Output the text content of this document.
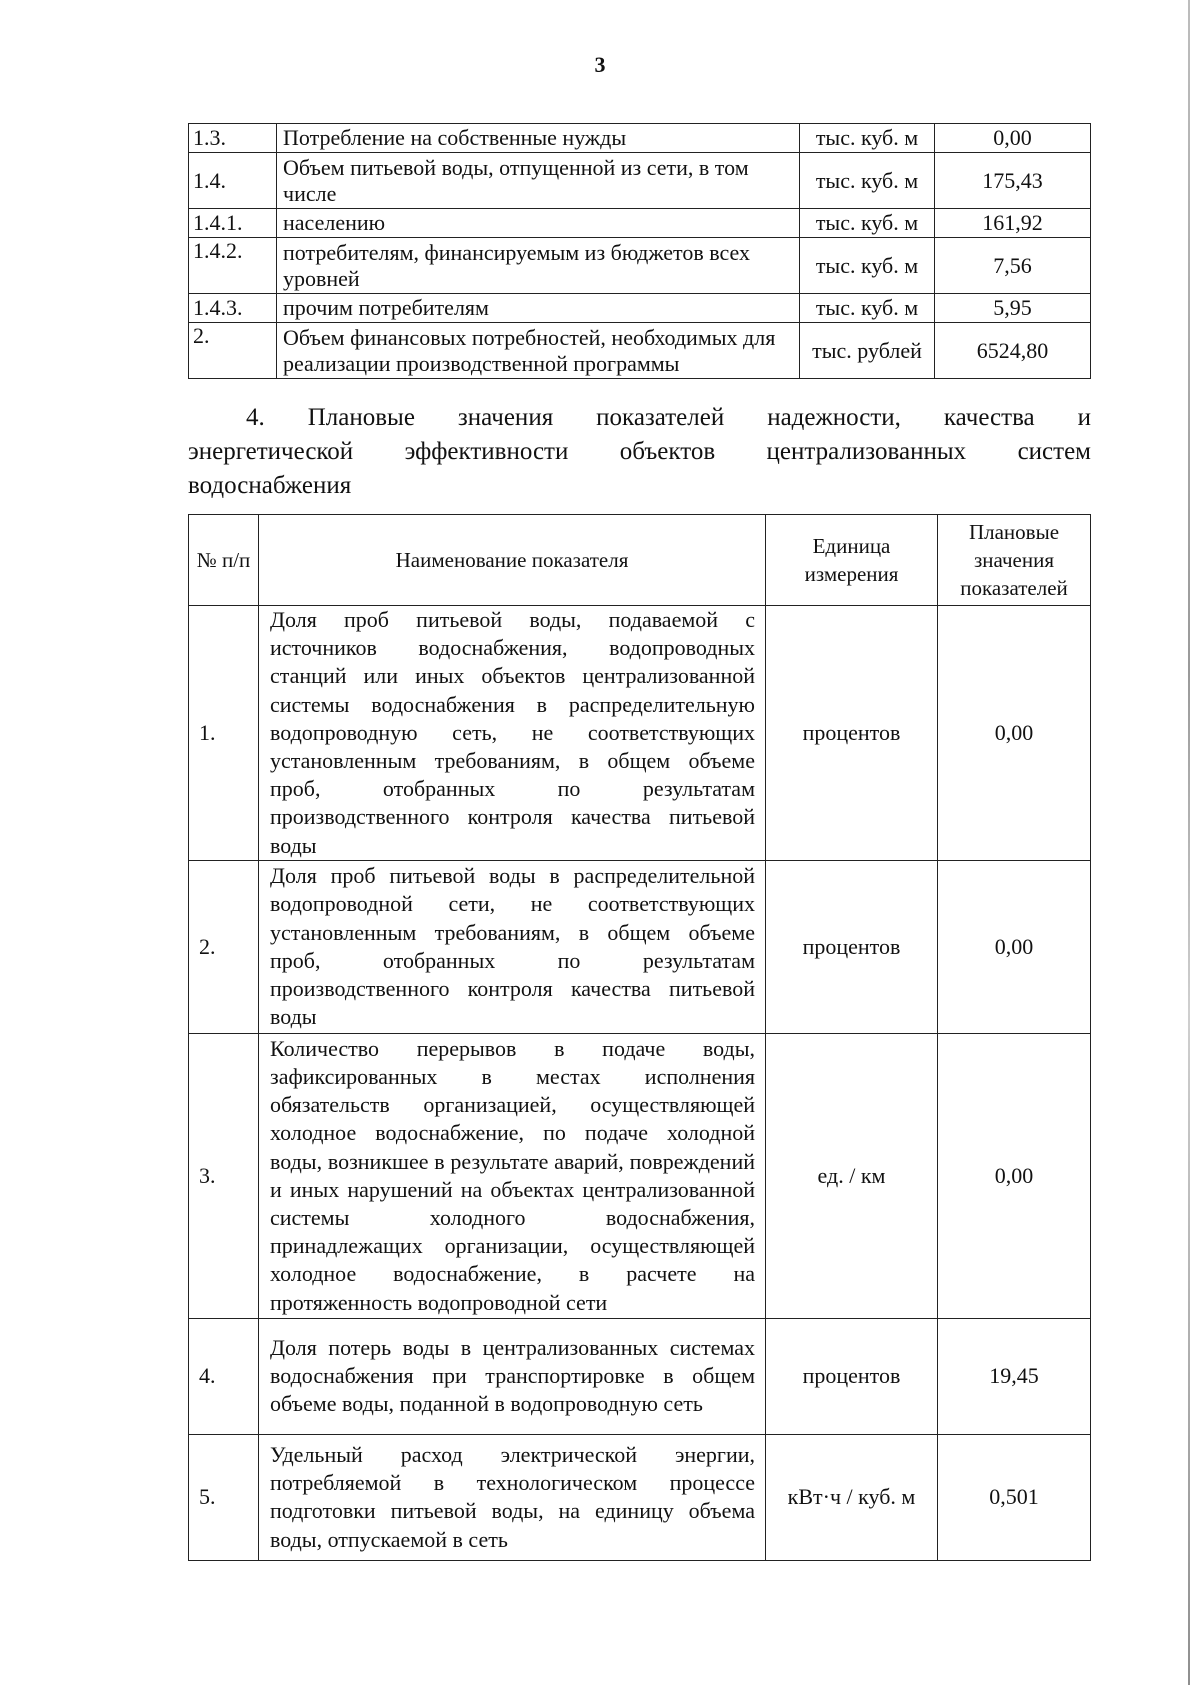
3
1.3.	Потребление на собственные нужды	тыс. куб. м	0,00
1.4.	Объем питьевой воды, отпущенной из сети, в том числе	тыс. куб. м	175,43
1.4.1.	населению	тыс. куб. м	161,92
1.4.2.	потребителям, финансируемым из бюджетов всех уровней	тыс. куб. м	7,56
1.4.3.	прочим потребителям	тыс. куб. м	5,95
2.	Объем финансовых потребностей, необходимых для реализации производственной программы	тыс. рублей	6524,80
4. Плановые значения показателей надежности, качества и
энергетической эффективности объектов централизованных систем
водоснабжения
№ п/п	Наименование показателя	Единица измерения	Плановые значения показателей
1.	Доля проб питьевой воды, подаваемой с источников водоснабжения, водопроводных станций или иных объектов централизованной системы водоснабжения в распределительную водопроводную сеть, не соответствующих установленным требованиям, в общем объеме проб, отобранных по результатам производственного контроля качества питьевой воды	процентов	0,00
2.	Доля проб питьевой воды в распределительной водопроводной сети, не соответствующих установленным требованиям, в общем объеме проб, отобранных по результатам производственного контроля качества питьевой воды	процентов	0,00
3.	Количество перерывов в подаче воды, зафиксированных в местах исполнения обязательств организацией, осуществляющей холодное водоснабжение, по подаче холодной воды, возникшее в результате аварий, повреждений и иных нарушений на объектах централизованной системы холодного водоснабжения, принадлежащих организации, осуществляющей холодное водоснабжение, в расчете на протяженность водопроводной сети	ед. / км	0,00
4.	Доля потерь воды в централизованных системах водоснабжения при транспортировке в общем объеме воды, поданной в водопроводную сеть	процентов	19,45
5.	Удельный расход электрической энергии, потребляемой в технологическом процессе подготовки питьевой воды, на единицу объема воды, отпускаемой в сеть	кВт·ч / куб. м	0,501
